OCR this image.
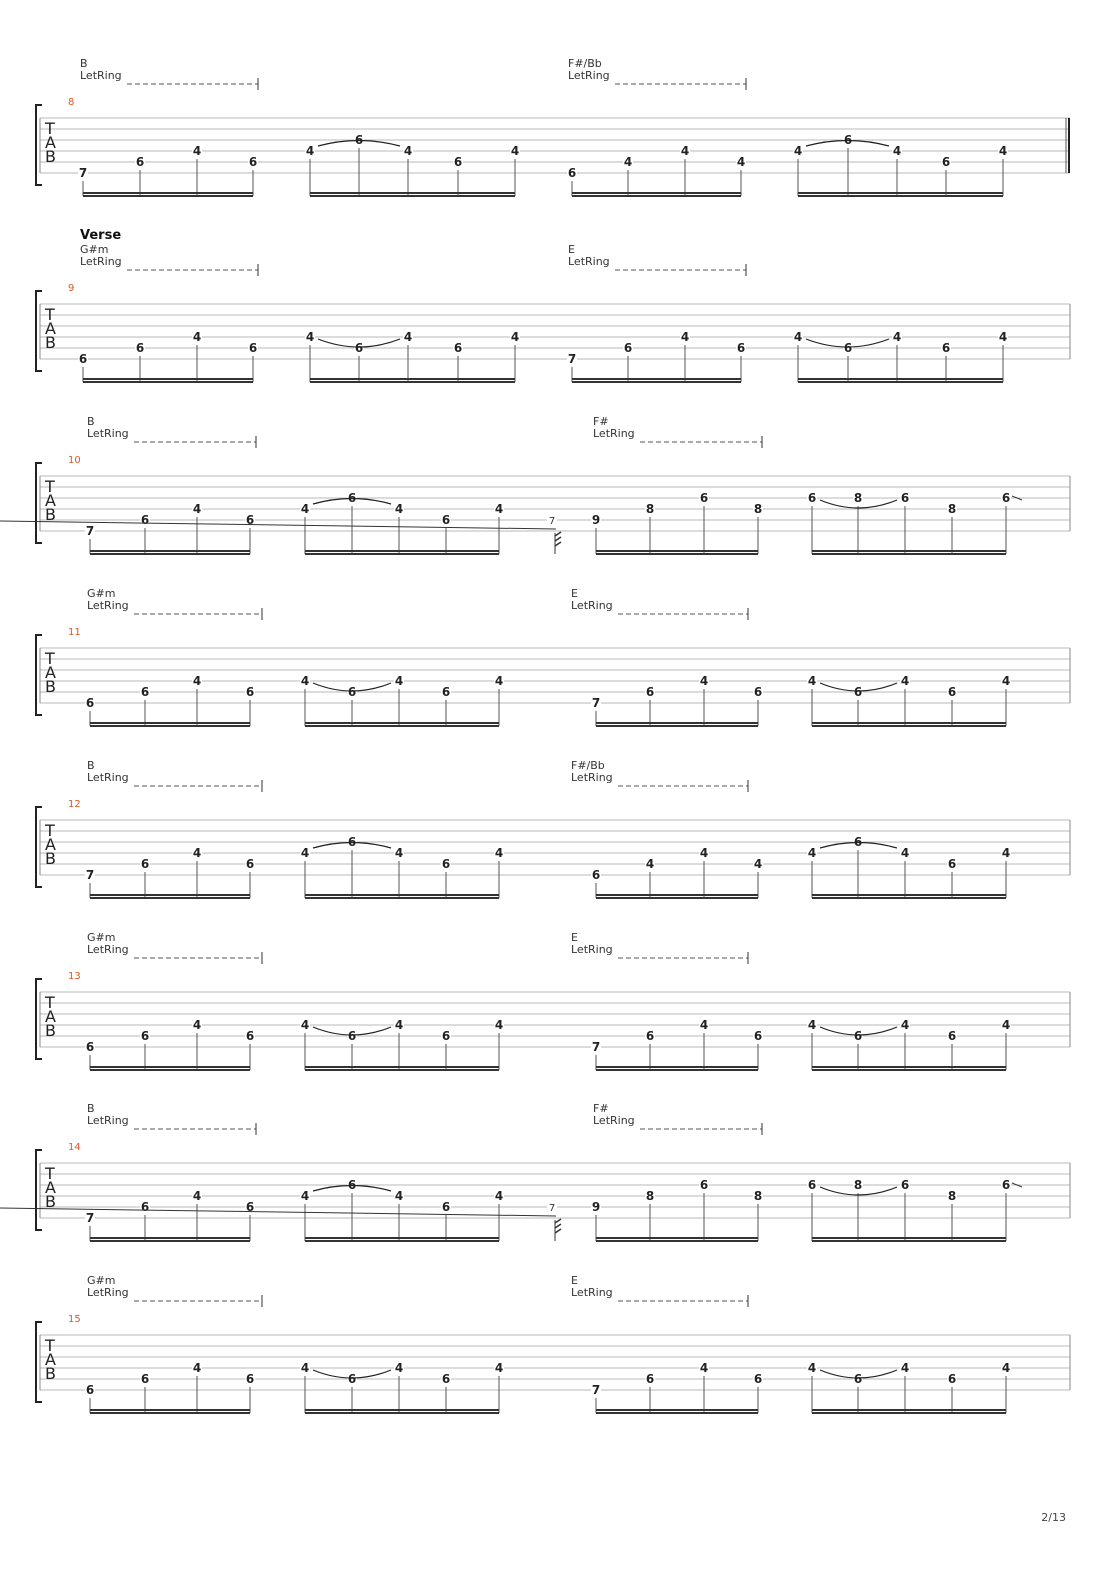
B
LetRing
F#/Bb
LetRing
8
T
A
B
7
6
4
6
4
6
4
6
4
6
4
4
4
4
6
4
6
4
Verse
G#m
LetRing
E
LetRing
9
T
A
B
6
6
4
6
4
6
4
6
4
7
6
4
6
4
6
4
6
4
B
LetRing
F#
LetRing
10
T
A
B
7
6
4
6
4
6
4
6
4
7	9
8
6
8
6	8	6
8
6
G#m
LetRing
E
LetRing
11
T
A
B
6
6
4
6
4
6
4
6
4
7
6
4
6
4
6
4
6
4
B
LetRing
F#/Bb
LetRing
12
T
A
B
7
6
4
6
4
6
4
6
4
6
4
4
4
4
6
4
6
4
G#m
LetRing
E
LetRing
13
T
A
B
6
6
4
6
4
6
4
6
4
7
6
4
6
4
6
4
6
4
B
LetRing
F#
LetRing
14
T
A
B
7
6
4
6
4
6
4
6
4
7	9
8
6
8
6	8	6
8
6
G#m
LetRing
E
LetRing
15
T
A
B
6
6
4
6
4
6
4
6
4
7
6
4
6
4
6
4
6
4
2/13
